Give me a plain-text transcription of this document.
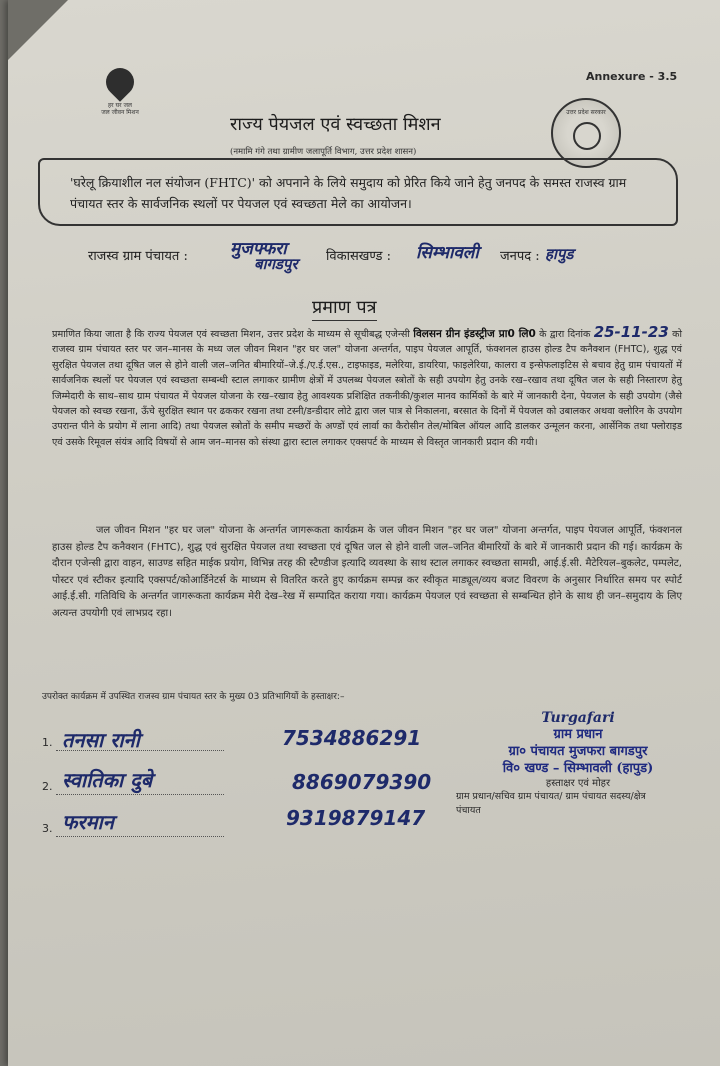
Annexure - 3.5
हर घर जल
जल जीवन मिशन	उत्तर प्रदेश सरकार
राज्य पेयजल एवं स्वच्छता मिशन
(नमामि गंगे तथा ग्रामीण जलापूर्ति विभाग, उत्तर प्रदेश शासन)
'घरेलू क्रियाशील नल संयोजन (FHTC)' को अपनाने के लिये समुदाय को प्रेरित किये जाने हेतु जनपद के समस्त राजस्व ग्राम पंचायत स्तर के सार्वजनिक स्थलों पर पेयजल एवं स्वच्छता मेले का आयोजन।
राजस्व ग्राम पंचायत : मुजफ्फरा
बागडपुर विकासखण्ड : सिम्भावली जनपद : हापुड
प्रमाण पत्र
प्रमाणित किया जाता है कि राज्य पेयजल एवं स्वच्छता मिशन, उत्तर प्रदेश के माध्यम से सूचीबद्ध एजेन्सी विलसन ग्रीन इंडस्ट्रीज प्रा0 लि0 के द्वारा दिनांक 25-11-23 को राजस्व ग्राम पंचायत स्तर पर जन–मानस के मध्य जल जीवन मिशन "हर घर जल" योजना अन्तर्गत, पाइप पेयजल आपूर्ति, फंक्शनल हाउस होल्ड टैप कनैक्शन (FHTC), शुद्ध एवं सुरक्षित पेयजल तथा दूषित जल से होने वाली जल–जनित बीमारियों–जे.ई./ए.ई.एस., टाइफाइड, मलेरिया, डायरिया, फाइलेरिया, कालरा व इन्सेफलाइटिस से बचाव हेतु ग्राम पंचायतों में सार्वजनिक स्थलों पर पेयजल एवं स्वच्छता सम्बन्धी स्टाल लगाकर ग्रामीण क्षेत्रों में उपलब्ध पेयजल स्त्रोतों के सही उपयोग हेतु उनके रख–रखाव तथा दूषित जल के सही निस्तारण हेतु जिम्मेदारी के साथ–साथ ग्राम पंचायत में पेयजल योजना के रख–रखाव हेतु आवश्यक प्रशिक्षित तकनीकी/कुशल मानव कार्मिकों के बारे में जानकारी देना, पेयजल के सही उपयोग (जैसे पेयजल को स्वच्छ रखना, ऊँचे सुरक्षित स्थान पर ढककर रखना तथा टस्नी/डन्डीदार लोटे द्वारा जल पात्र से निकालना, बरसात के दिनों में पेयजल को उबालकर अथवा क्लोरिन के उपयोग उपरान्त पीने के प्रयोग में लाना आदि) तथा पेयजल स्त्रोतों के समीप मच्छरों के अण्डों एवं लार्वा का कैरोसीन तेल/मोबिल ऑयल आदि डालकर उन्मूलन करना, आर्सेनिक तथा फ्लोराइड एवं उसके रिमूवल संयंत्र आदि विषयों से आम जन–मानस को संस्था द्वारा स्टाल लगाकर एक्सपर्ट के माध्यम से विस्तृत जानकारी प्रदान की गयी।
जल जीवन मिशन "हर घर जल" योजना के अन्तर्गत जागरूकता कार्यक्रम के जल जीवन मिशन "हर घर जल" योजना अन्तर्गत, पाइप पेयजल आपूर्ति, फंक्शनल हाउस होल्ड टैप कनैक्शन (FHTC), शुद्ध एवं सुरक्षित पेयजल तथा स्वच्छता एवं दूषित जल से होने वाली जल–जनित बीमारियों के बारे में जानकारी प्रदान की गई। कार्यक्रम के दौरान एजेन्सी द्वारा वाहन, साउण्ड सहित माईक प्रयोग, विभिन्न तरह की स्टैण्डीज इत्यादि व्यवस्था के साथ स्टाल लगाकर स्वच्छता सामग्री, आई.ई.सी. मैटेरियल–बुकलेट, पम्पलेट, पोस्टर एवं स्टीकर इत्यादि एक्सपर्ट/कोआर्डिनेटर्स के माध्यम से वितरित करते हुए कार्यक्रम सम्पन्न कर स्वीकृत माड्यूल/व्यय बजट विवरण के अनुसार निर्धारित समय पर स्पोर्ट आई.ई.सी. गतिविधि के अन्तर्गत जागरूकता कार्यक्रम मेरी देख–रेख में सम्पादित कराया गया। कार्यक्रम पेयजल एवं स्वच्छता से सम्बन्धित होने के साथ ही जन–समुदाय के लिए अत्यन्त उपयोगी एवं लाभप्रद रहा।
उपरोक्त कार्यक्रम में उपस्थित राजस्व ग्राम पंचायत स्तर के मुख्य 03 प्रतिभागियों के हस्ताक्षर:–
1. तनसा रानी	7534886291
2. स्वातिका दुबे	8869079390
3. फरमान	9319879147
Turgafari
ग्राम प्रधान
ग्रा० पंचायत मुजफरा बागडपुर
वि० खण्ड – सिम्भावली (हापुड)
हस्ताक्षर एवं मोहर
ग्राम प्रधान/सचिव ग्राम पंचायत/ ग्राम पंचायत सदस्य/क्षेत्र पंचायत
